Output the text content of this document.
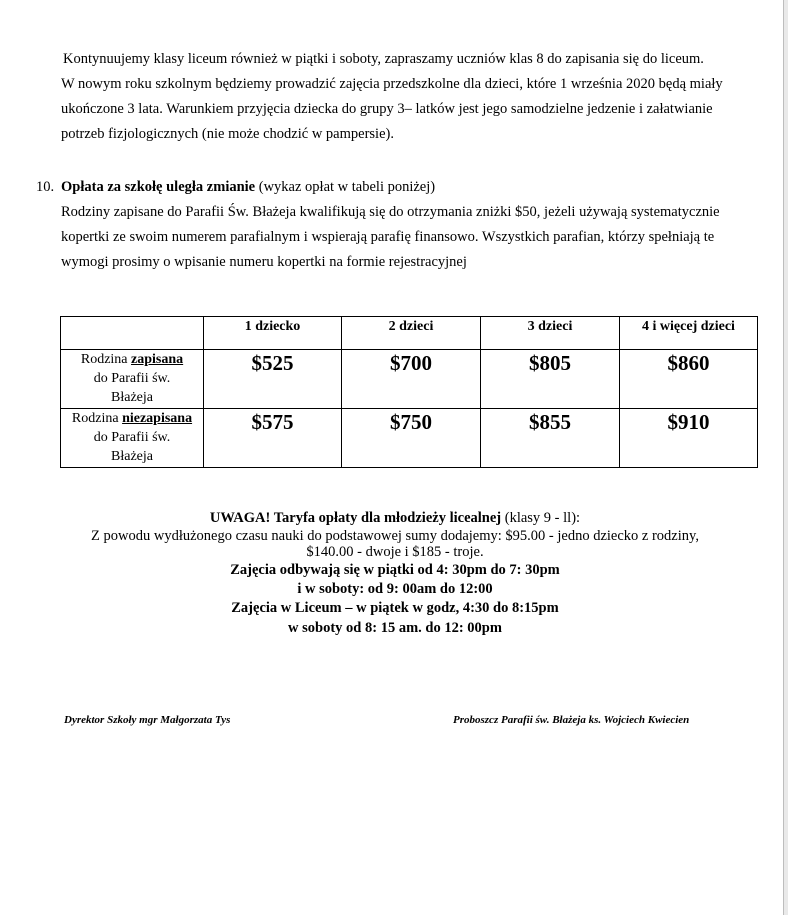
Kontynuujemy klasy liceum również w piątki i soboty, zapraszamy uczniów klas 8 do zapisania się do liceum.
W nowym roku szkolnym będziemy prowadzić zajęcia przedszkolne dla dzieci, które 1 września 2020 będą miały
ukończone 3 lata. Warunkiem przyjęcia dziecka do grupy 3– latków jest jego samodzielne jedzenie i załatwianie
potrzeb fizjologicznych (nie może chodzić w pampersie).
10. Opłata za szkołę uległa zmianie (wykaz opłat w tabeli poniżej)
Rodziny zapisane do Parafii Św. Błażeja kwalifikują się do otrzymania zniżki $50, jeżeli używają systematycznie
kopertki ze swoim numerem parafialnym i wspierają parafię finansowo. Wszystkich parafian, którzy spełniają te
wymogi prosimy o wpisanie numeru kopertki na formie rejestracyjnej
	1 dziecko	2 dzieci	3 dzieci	4 i więcej dzieci
Rodzina zapisana
do Parafii św.
Błażeja	$525	$700	$805	$860
Rodzina niezapisana
do Parafii św.
Błażeja	$575	$750	$855	$910
UWAGA! Taryfa opłaty dla młodzieży licealnej (klasy 9 - ll):
Z powodu wydłużonego czasu nauki do podstawowej sumy dodajemy: $95.00 - jedno dziecko z rodziny,
$140.00 - dwoje i $185 - troje.
Zajęcia odbywają się w piątki od 4: 30pm do 7: 30pm
i w soboty: od 9: 00am do 12:00
Zajęcia w Liceum – w piątek w godz, 4:30 do 8:15pm
w soboty od 8: 15 am. do 12: 00pm
Dyrektor Szkoły mgr Małgorzata Tys	Proboszcz Parafii św. Błażeja ks. Wojciech Kwiecien
